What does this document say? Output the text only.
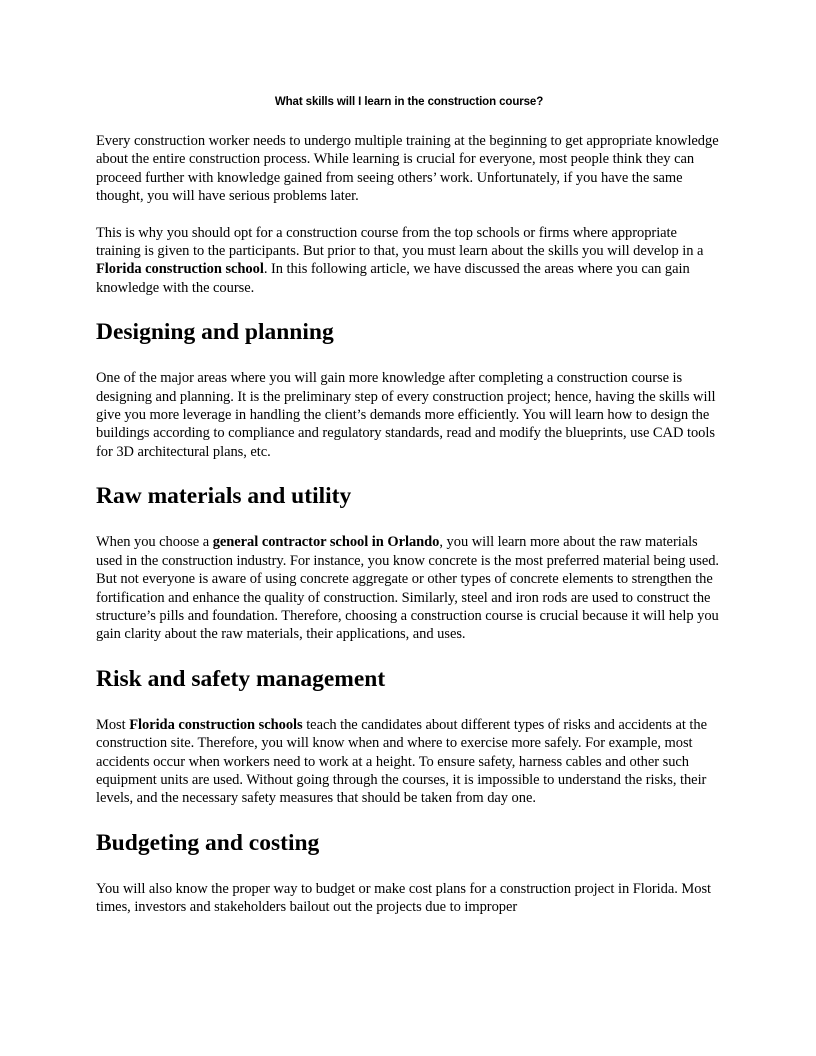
What skills will I learn in the construction course?

Every construction worker needs to undergo multiple training at the beginning to get appropriate knowledge about the entire construction process. While learning is crucial for everyone, most people think they can proceed further with knowledge gained from seeing others’ work. Unfortunately, if you have the same thought, you will have serious problems later.

This is why you should opt for a construction course from the top schools or firms where appropriate training is given to the participants. But prior to that, you must learn about the skills you will develop in a Florida construction school. In this following article, we have discussed the areas where you can gain knowledge with the course.

Designing and planning

One of the major areas where you will gain more knowledge after completing a construction course is designing and planning. It is the preliminary step of every construction project; hence, having the skills will give you more leverage in handling the client’s demands more efficiently. You will learn how to design the buildings according to compliance and regulatory standards, read and modify the blueprints, use CAD tools for 3D architectural plans, etc.

Raw materials and utility

When you choose a general contractor school in Orlando, you will learn more about the raw materials used in the construction industry. For instance, you know concrete is the most preferred material being used. But not everyone is aware of using concrete aggregate or other types of concrete elements to strengthen the fortification and enhance the quality of construction. Similarly, steel and iron rods are used to construct the structure’s pills and foundation. Therefore, choosing a construction course is crucial because it will help you gain clarity about the raw materials, their applications, and uses.

Risk and safety management

Most Florida construction schools teach the candidates about different types of risks and accidents at the construction site. Therefore, you will know when and where to exercise more safely. For example, most accidents occur when workers need to work at a height. To ensure safety, harness cables and other such equipment units are used. Without going through the courses, it is impossible to understand the risks, their levels, and the necessary safety measures that should be taken from day one.

Budgeting and costing

You will also know the proper way to budget or make cost plans for a construction project in Florida. Most times, investors and stakeholders bailout out the projects due to improper
